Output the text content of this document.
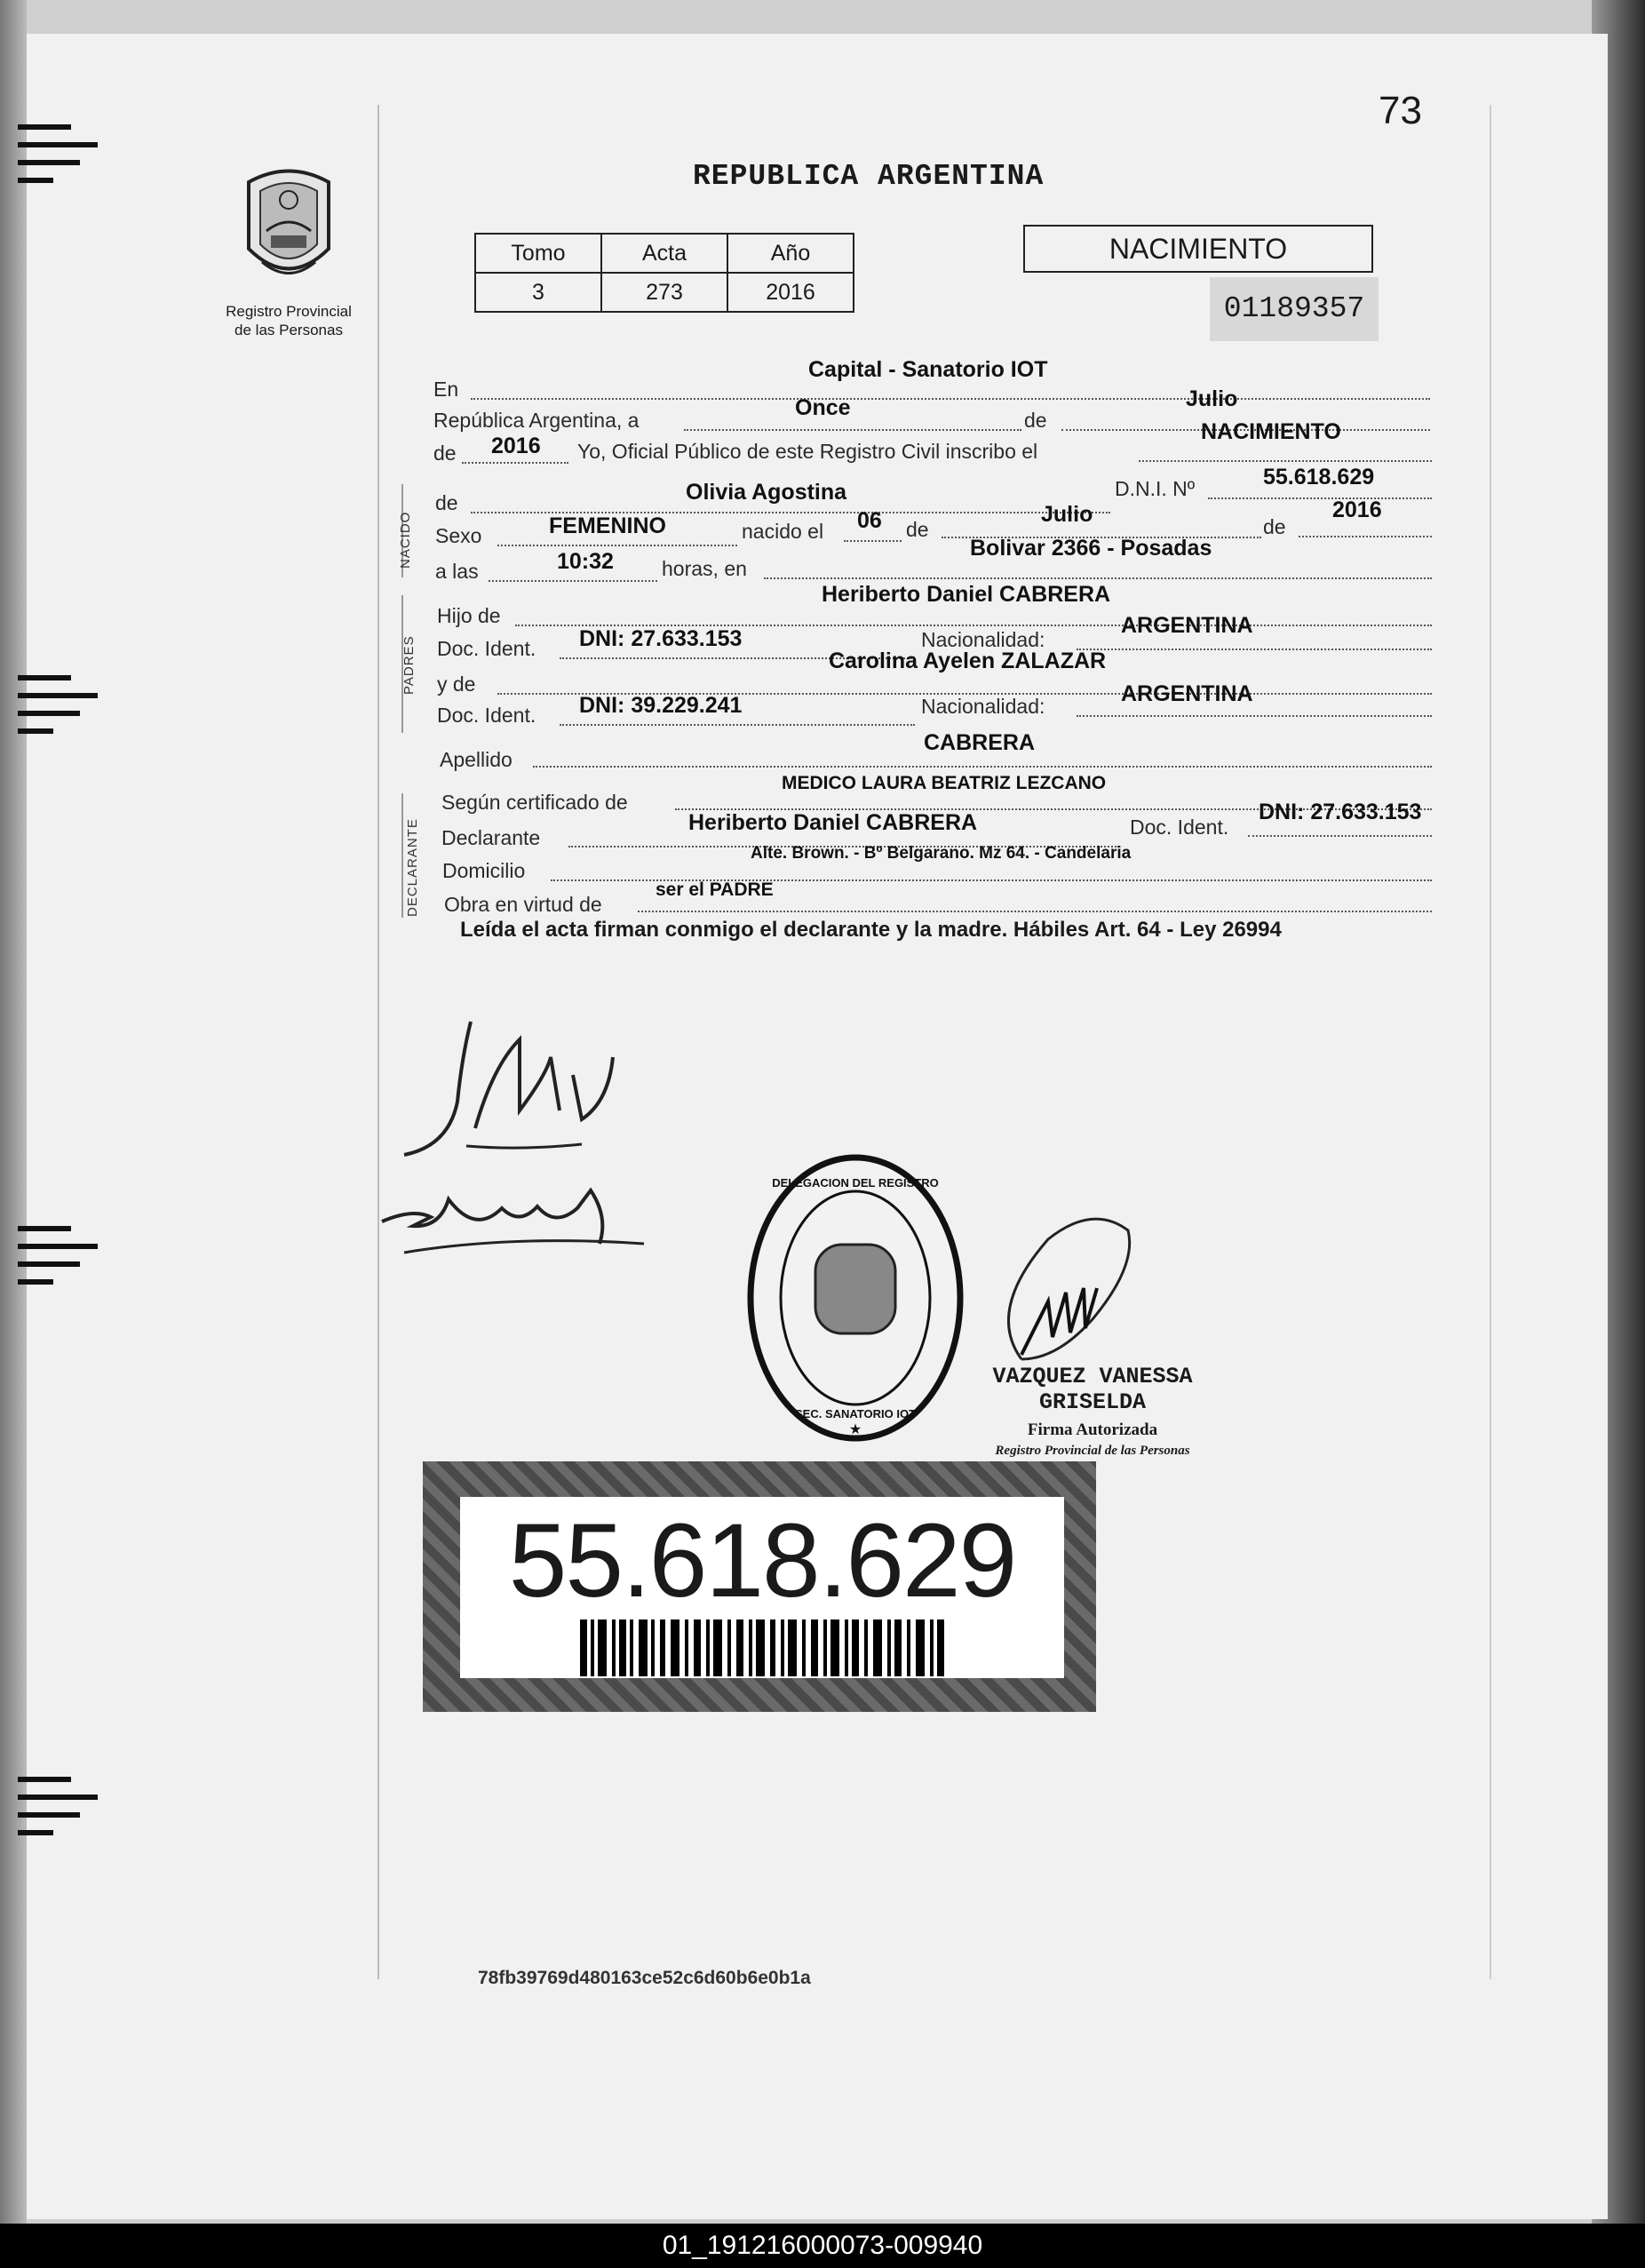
73
REPUBLICA ARGENTINA
Registro Provincial
de las Personas
Tomo	Acta	Año
3	273	2016
NACIMIENTO
01189357
NACIDO
PADRES
DECLARANTE
En
Capital - Sanatorio IOT
República Argentina, a	Once	de
Julio
de 2016 Yo, Oficial Público de este Registro Civil inscribo el
NACIMIENTO
de	Olivia Agostina	D.N.I. Nº	55.618.629
Sexo	FEMENINO	nacido el 06 de
Julio	de
2016
a las	10:32 horas, en
Bolivar 2366 - Posadas
Hijo de
Heriberto Daniel CABRERA
Doc. Ident. DNI: 27.633.153	Nacionalidad:
ARGENTINA
y de
Carolina Ayelen ZALAZAR
Doc. Ident. DNI: 39.229.241	Nacionalidad:	ARGENTINA
Apellido
CABRERA
Según certificado de
MEDICO LAURA BEATRIZ LEZCANO
Declarante
Heriberto Daniel CABRERA	Doc. Ident.
DNI: 27.633.153
Domicilio
Alte. Brown. - Bº Belgarano. Mz 64. - Candelaria
Obra en virtud de
ser el PADRE
Leída el acta firman conmigo el declarante y la madre. Hábiles Art. 64 - Ley 26994
DELEGACION DEL REGISTRO
SEC. SANATORIO IOT
★
VAZQUEZ VANESSA GRISELDA
Firma Autorizada
Registro Provincial de las Personas
55.618.629
78fb39769d480163ce52c6d60b6e0b1a
01_191216000073-009940
